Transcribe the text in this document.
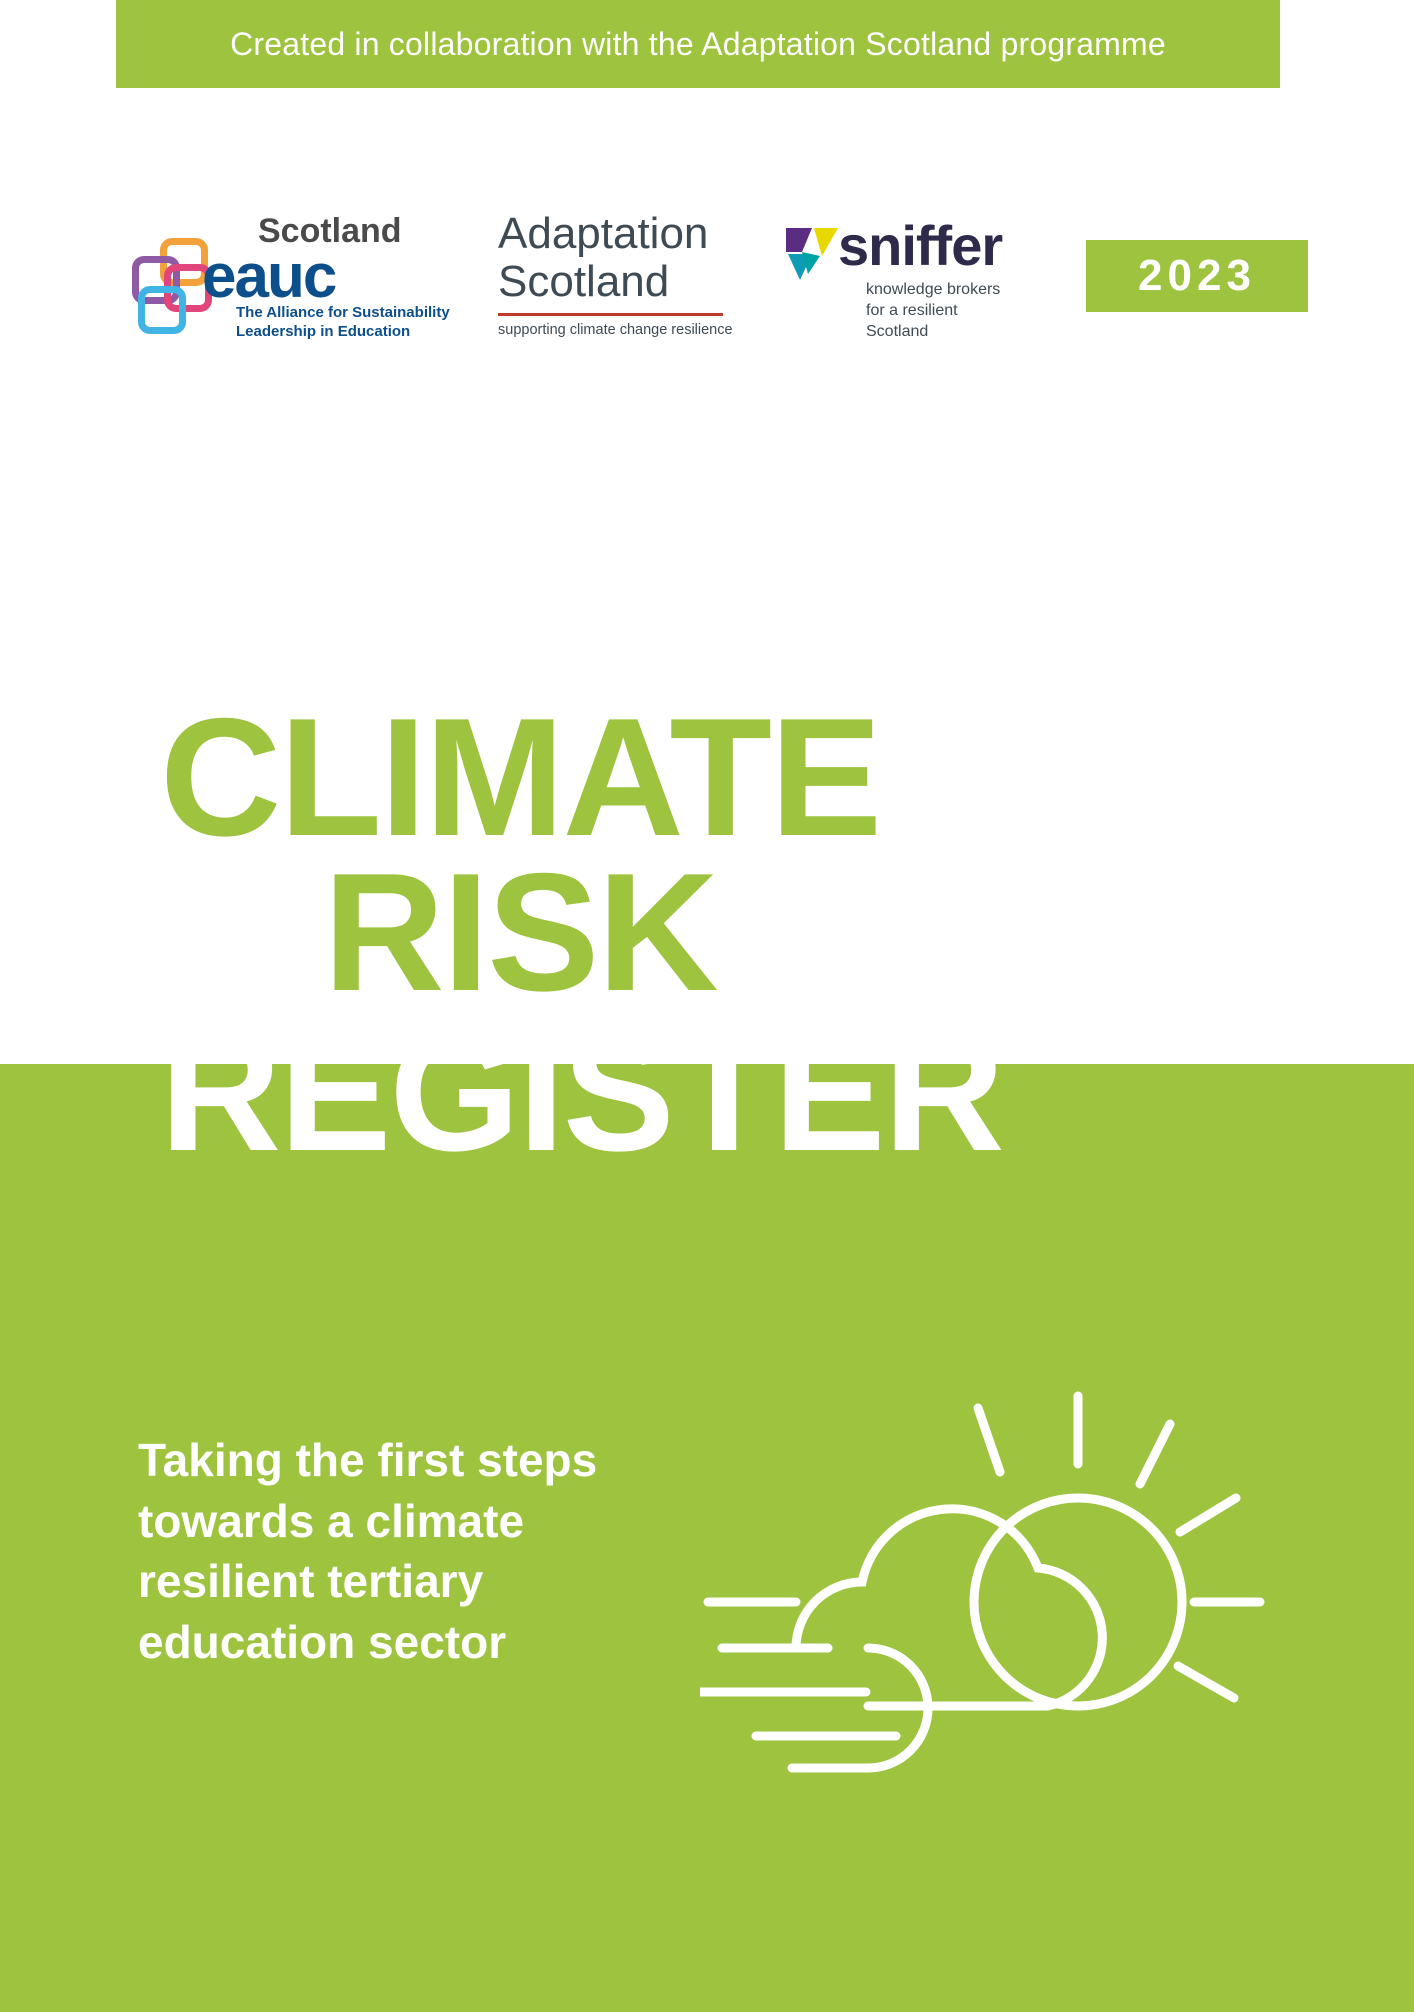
Created in collaboration with the Adaptation Scotland programme
Scotland
eauc
The Alliance for Sustainability
Leadership in Education
Adaptation
Scotland
supporting climate change resilience
sniffer
knowledge brokers
for a resilient Scotland
2023
CLIMATE
RISK
REGISTER
Taking the first steps towards a climate resilient tertiary education sector
